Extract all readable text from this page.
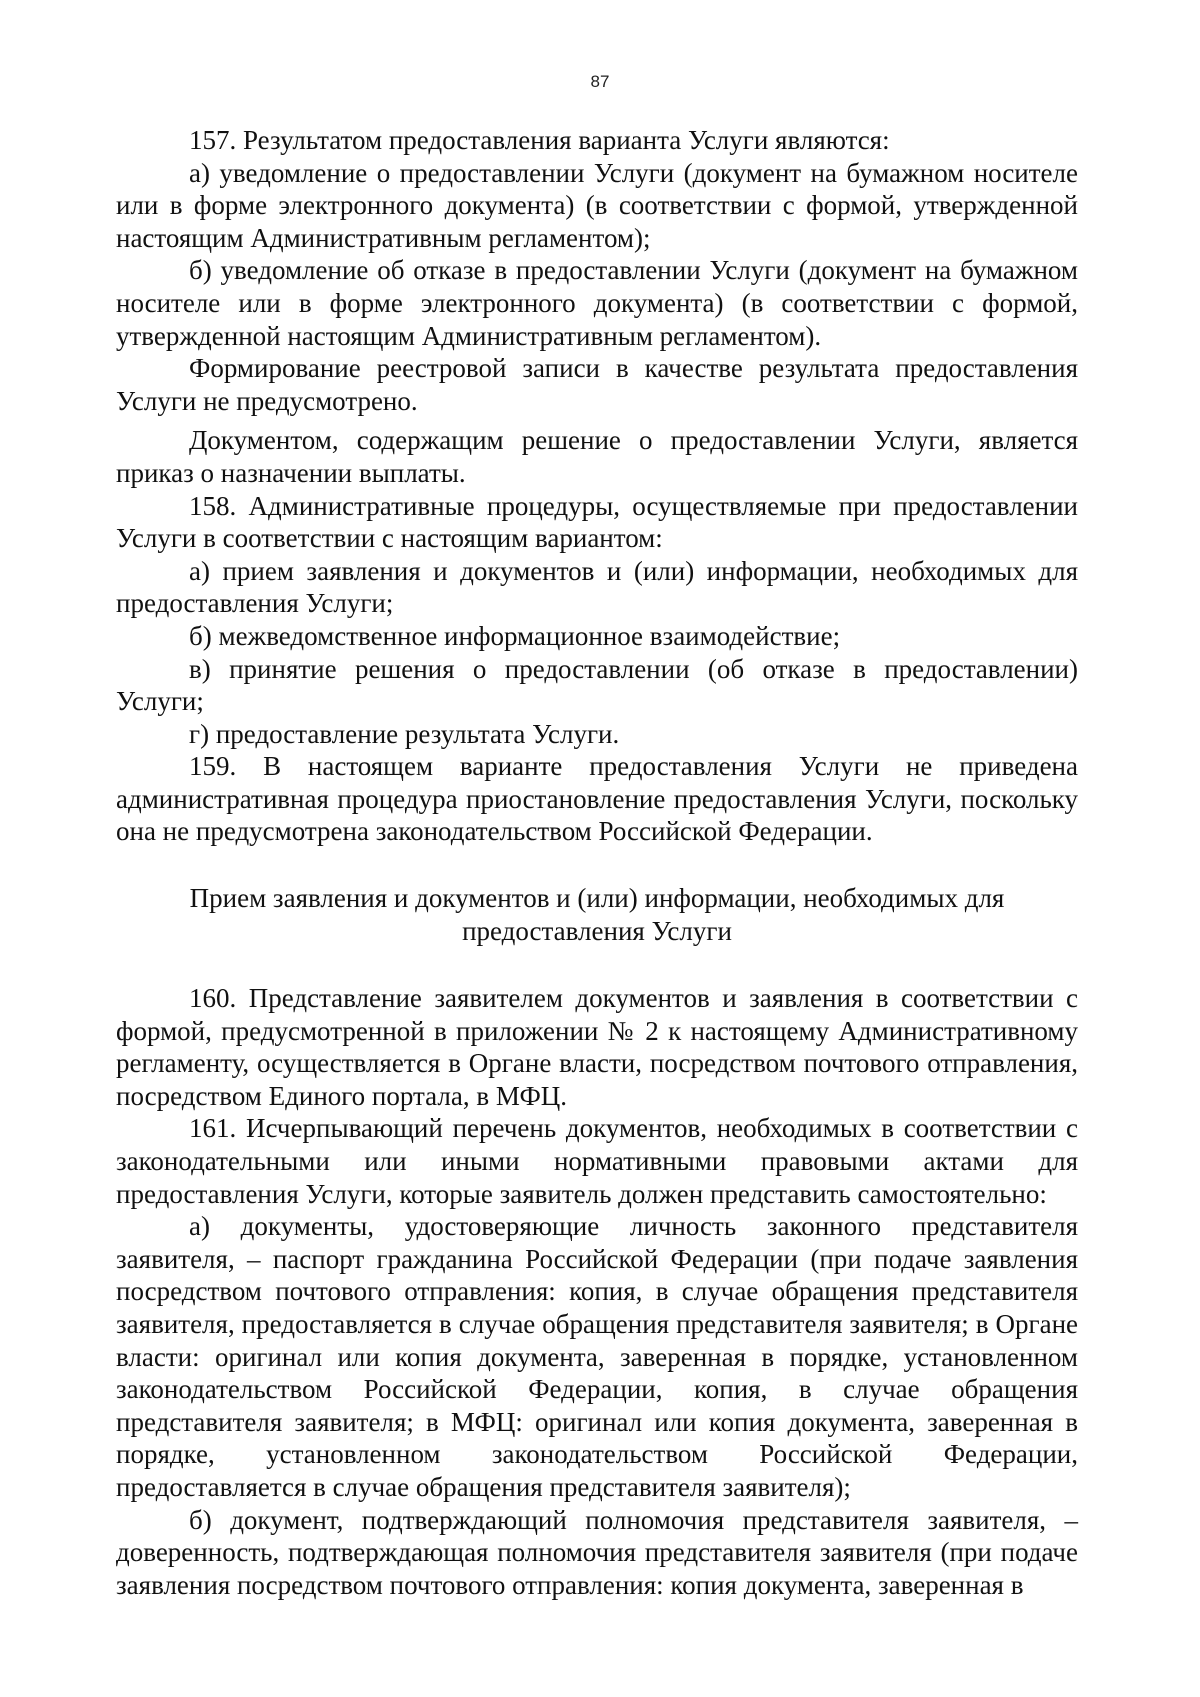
87

157. Результатом предоставления варианта Услуги являются:

а) уведомление о предоставлении Услуги (документ на бумажном носителе или в форме электронного документа) (в соответствии с формой, утвержденной настоящим Административным регламентом);

б) уведомление об отказе в предоставлении Услуги (документ на бумажном носителе или в форме электронного документа) (в соответствии с формой, утвержденной настоящим Административным регламентом).

Формирование реестровой записи в качестве результата предоставления Услуги не предусмотрено.

Документом, содержащим решение о предоставлении Услуги, является приказ о назначении выплаты.

158. Административные процедуры, осуществляемые при предоставлении Услуги в соответствии с настоящим вариантом:

а) прием заявления и документов и (или) информации, необходимых для предоставления Услуги;

б) межведомственное информационное взаимодействие;

в) принятие решения о предоставлении (об отказе в предоставлении) Услуги;

г) предоставление результата Услуги.

159. В настоящем варианте предоставления Услуги не приведена административная процедура приостановление предоставления Услуги, поскольку она не предусмотрена законодательством Российской Федерации.

Прием заявления и документов и (или) информации, необходимых для предоставления Услуги

160. Представление заявителем документов и заявления в соответствии с формой, предусмотренной в приложении № 2 к настоящему Административному регламенту, осуществляется в Органе власти, посредством почтового отправления, посредством Единого портала, в МФЦ.

161. Исчерпывающий перечень документов, необходимых в соответствии с законодательными или иными нормативными правовыми актами для предоставления Услуги, которые заявитель должен представить самостоятельно:

а) документы, удостоверяющие личность законного представителя заявителя, – паспорт гражданина Российской Федерации (при подаче заявления посредством почтового отправления: копия, в случае обращения представителя заявителя, предоставляется в случае обращения представителя заявителя; в Органе власти: оригинал или копия документа, заверенная в порядке, установленном законодательством Российской Федерации, копия, в случае обращения представителя заявителя; в МФЦ: оригинал или копия документа, заверенная в порядке, установленном законодательством Российской Федерации, предоставляется в случае обращения представителя заявителя);

б) документ, подтверждающий полномочия представителя заявителя, – доверенность, подтверждающая полномочия представителя заявителя (при подаче заявления посредством почтового отправления: копия документа, заверенная в
